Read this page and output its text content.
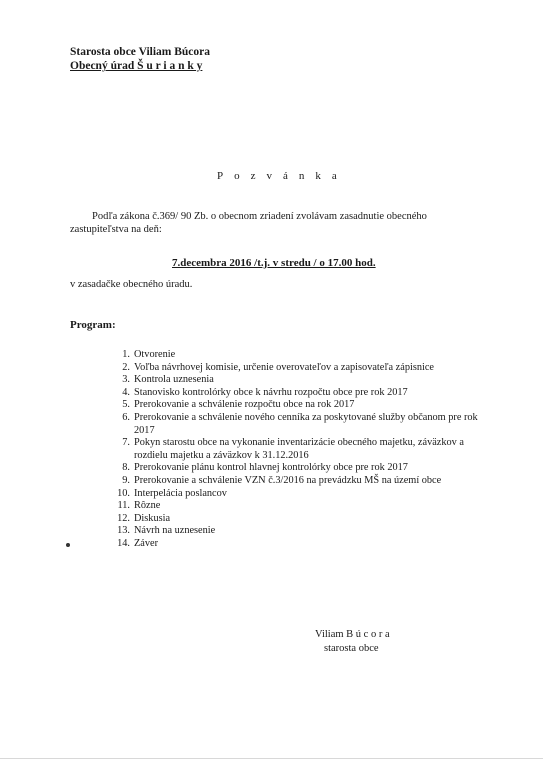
Starosta obce Viliam Búcora
Obecný úrad Š u r i a n k y
Pozvánka
Podľa zákona č.369/ 90 Zb. o obecnom zriadení zvolávam zasadnutie obecného zastupiteľstva na deň:
7.decembra 2016 /t.j. v stredu / o 17.00 hod.
v zasadačke obecného úradu.
Program:
1. Otvorenie
2. Voľba návrhovej komisie, určenie overovateľov a zapisovateľa zápisnice
3. Kontrola uznesenia
4. Stanovisko kontrolórky obce k návrhu rozpočtu obce pre rok 2017
5. Prerokovanie a schválenie rozpočtu obce na rok 2017
6. Prerokovanie a schválenie nového cenníka za poskytované služby občanom pre rok 2017
7. Pokyn starostu obce na vykonanie inventarizácie obecného majetku, záväzkov a rozdielu majetku a záväzkov k 31.12.2016
8. Prerokovanie plánu kontrol hlavnej kontrolórky obce pre rok 2017
9. Prerokovanie a schválenie VZN č.3/2016 na prevádzku MŠ na území obce
10. Interpelácia poslancov
11. Rôzne
12. Diskusia
13. Návrh na uznesenie
14. Záver
Viliam B ú c o r a
starosta obce
